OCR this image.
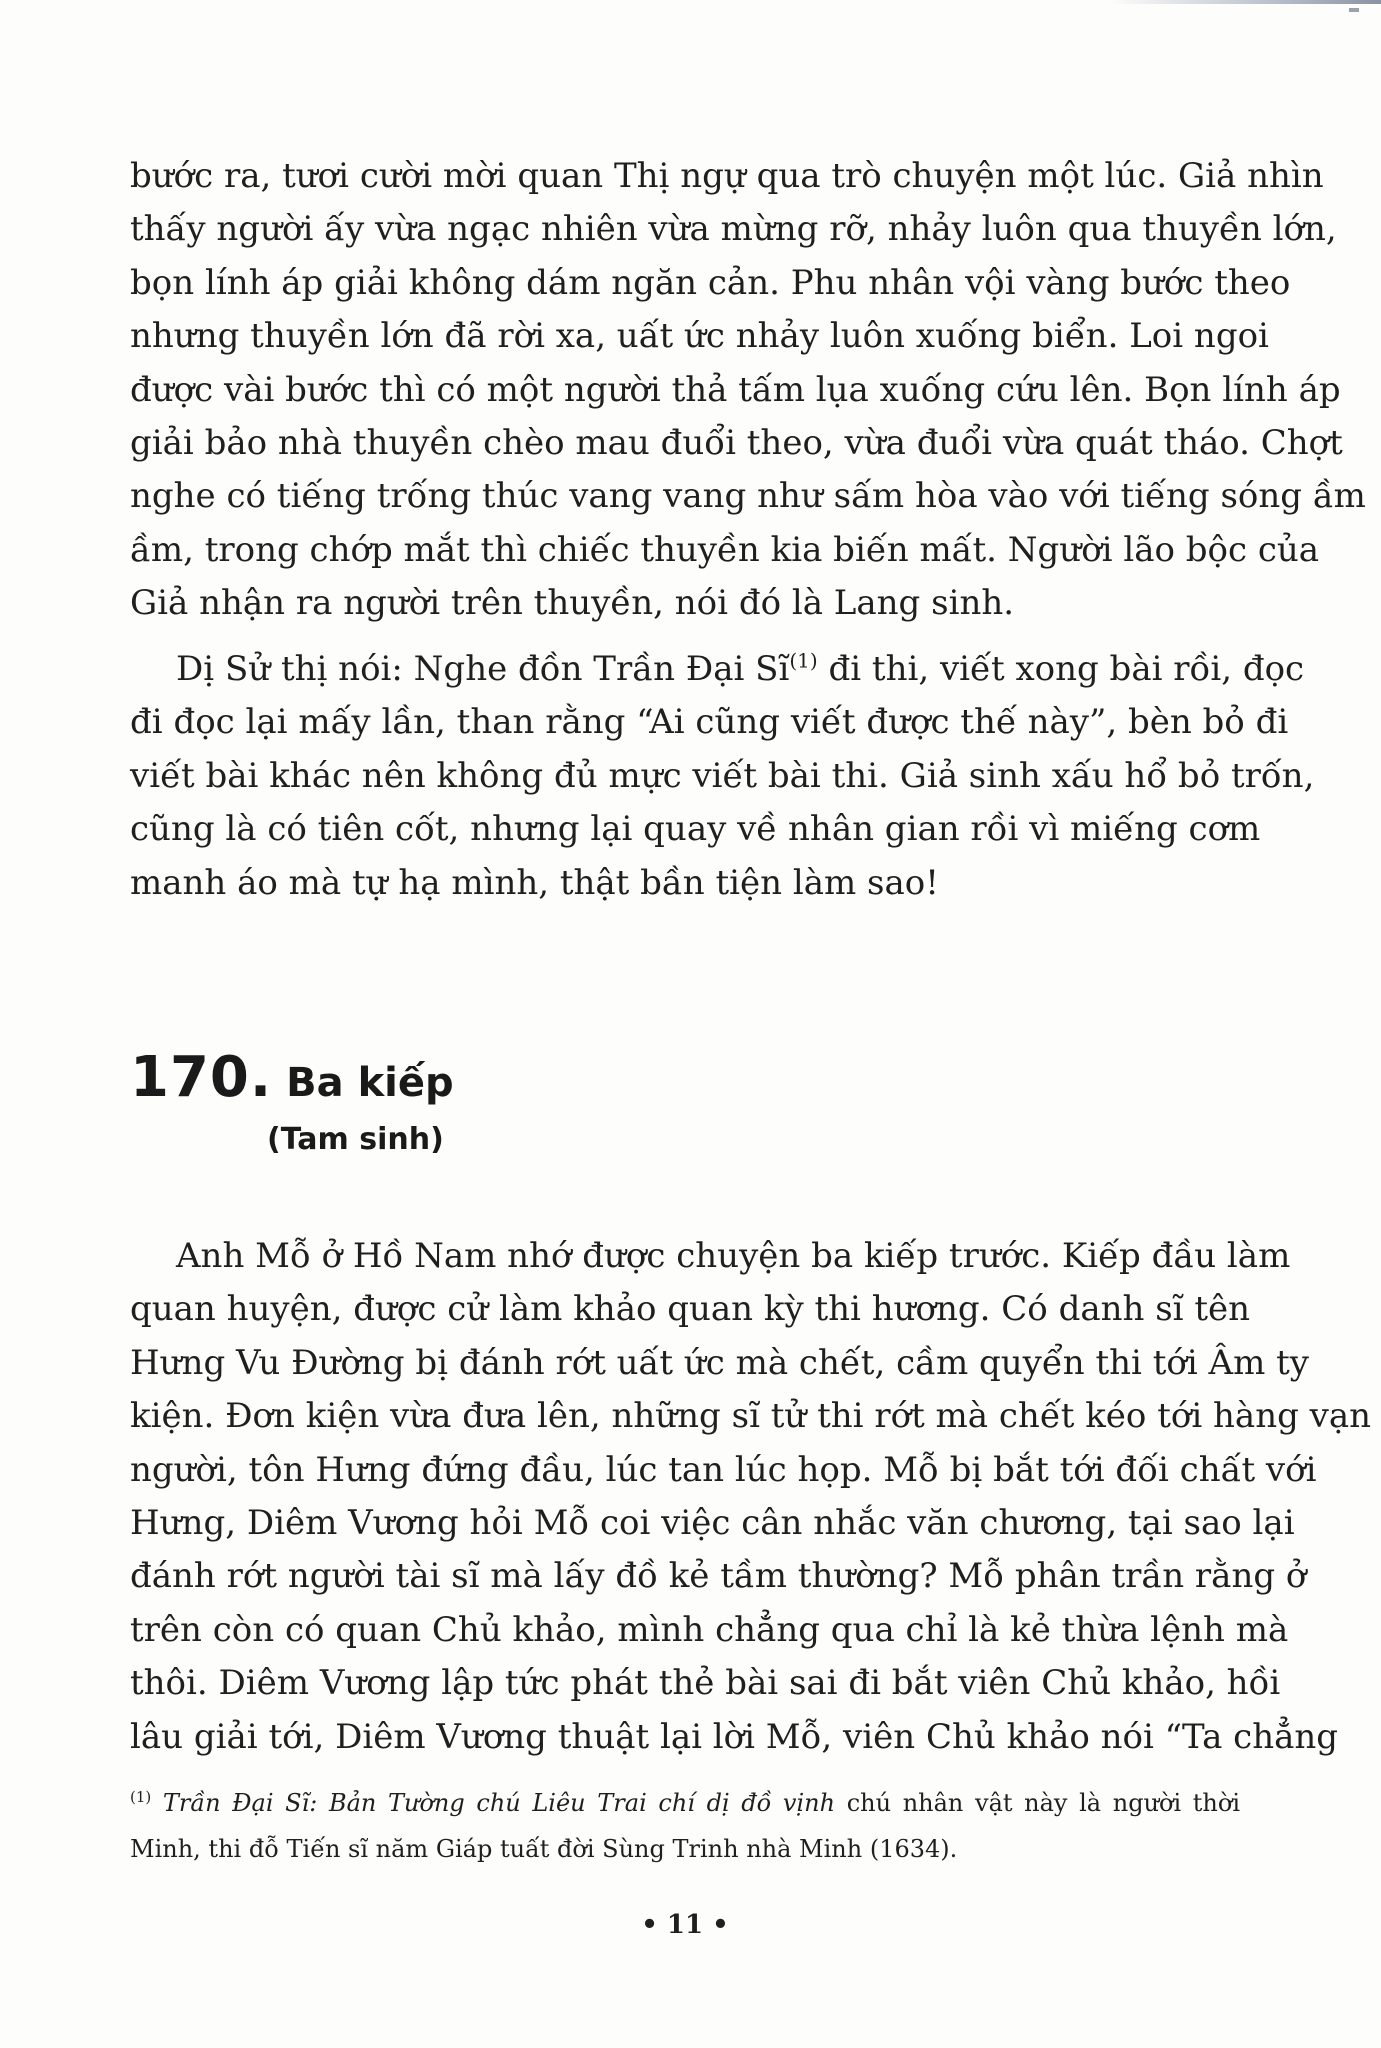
bước ra, tươi cười mời quan Thị ngự qua trò chuyện một lúc. Giả nhìn
thấy người ấy vừa ngạc nhiên vừa mừng rỡ, nhảy luôn qua thuyền lớn,
bọn lính áp giải không dám ngăn cản. Phu nhân vội vàng bước theo
nhưng thuyền lớn đã rời xa, uất ức nhảy luôn xuống biển. Loi ngoi
được vài bước thì có một người thả tấm lụa xuống cứu lên. Bọn lính áp
giải bảo nhà thuyền chèo mau đuổi theo, vừa đuổi vừa quát tháo. Chợt
nghe có tiếng trống thúc vang vang như sấm hòa vào với tiếng sóng ầm
ầm, trong chớp mắt thì chiếc thuyền kia biến mất. Người lão bộc của
Giả nhận ra người trên thuyền, nói đó là Lang sinh.
Dị Sử thị nói: Nghe đồn Trần Đại Sĩ$^{(1)}$ đi thi, viết xong bài rồi, đọc
đi đọc lại mấy lần, than rằng “Ai cũng viết được thế này”, bèn bỏ đi
viết bài khác nên không đủ mực viết bài thi. Giả sinh xấu hổ bỏ trốn,
cũng là có tiên cốt, nhưng lại quay về nhân gian rồi vì miếng cơm
manh áo mà tự hạ mình, thật bần tiện làm sao!
170. Ba kiếp
(Tam sinh)
Anh Mỗ ở Hồ Nam nhớ được chuyện ba kiếp trước. Kiếp đầu làm
quan huyện, được cử làm khảo quan kỳ thi hương. Có danh sĩ tên
Hưng Vu Đường bị đánh rớt uất ức mà chết, cầm quyển thi tới Âm ty
kiện. Đơn kiện vừa đưa lên, những sĩ tử thi rớt mà chết kéo tới hàng vạn
người, tôn Hưng đứng đầu, lúc tan lúc họp. Mỗ bị bắt tới đối chất với
Hưng, Diêm Vương hỏi Mỗ coi việc cân nhắc văn chương, tại sao lại
đánh rớt người tài sĩ mà lấy đồ kẻ tầm thường? Mỗ phân trần rằng ở
trên còn có quan Chủ khảo, mình chẳng qua chỉ là kẻ thừa lệnh mà
thôi. Diêm Vương lập tức phát thẻ bài sai đi bắt viên Chủ khảo, hồi
lâu giải tới, Diêm Vương thuật lại lời Mỗ, viên Chủ khảo nói “Ta chẳng
$^{(1)}$ Trần Đại Sĩ: Bản Tường chú Liêu Trai chí dị đồ vịnh chú nhân vật này là người thời
Minh, thi đỗ Tiến sĩ năm Giáp tuất đời Sùng Trinh nhà Minh (1634).
• 11 •
